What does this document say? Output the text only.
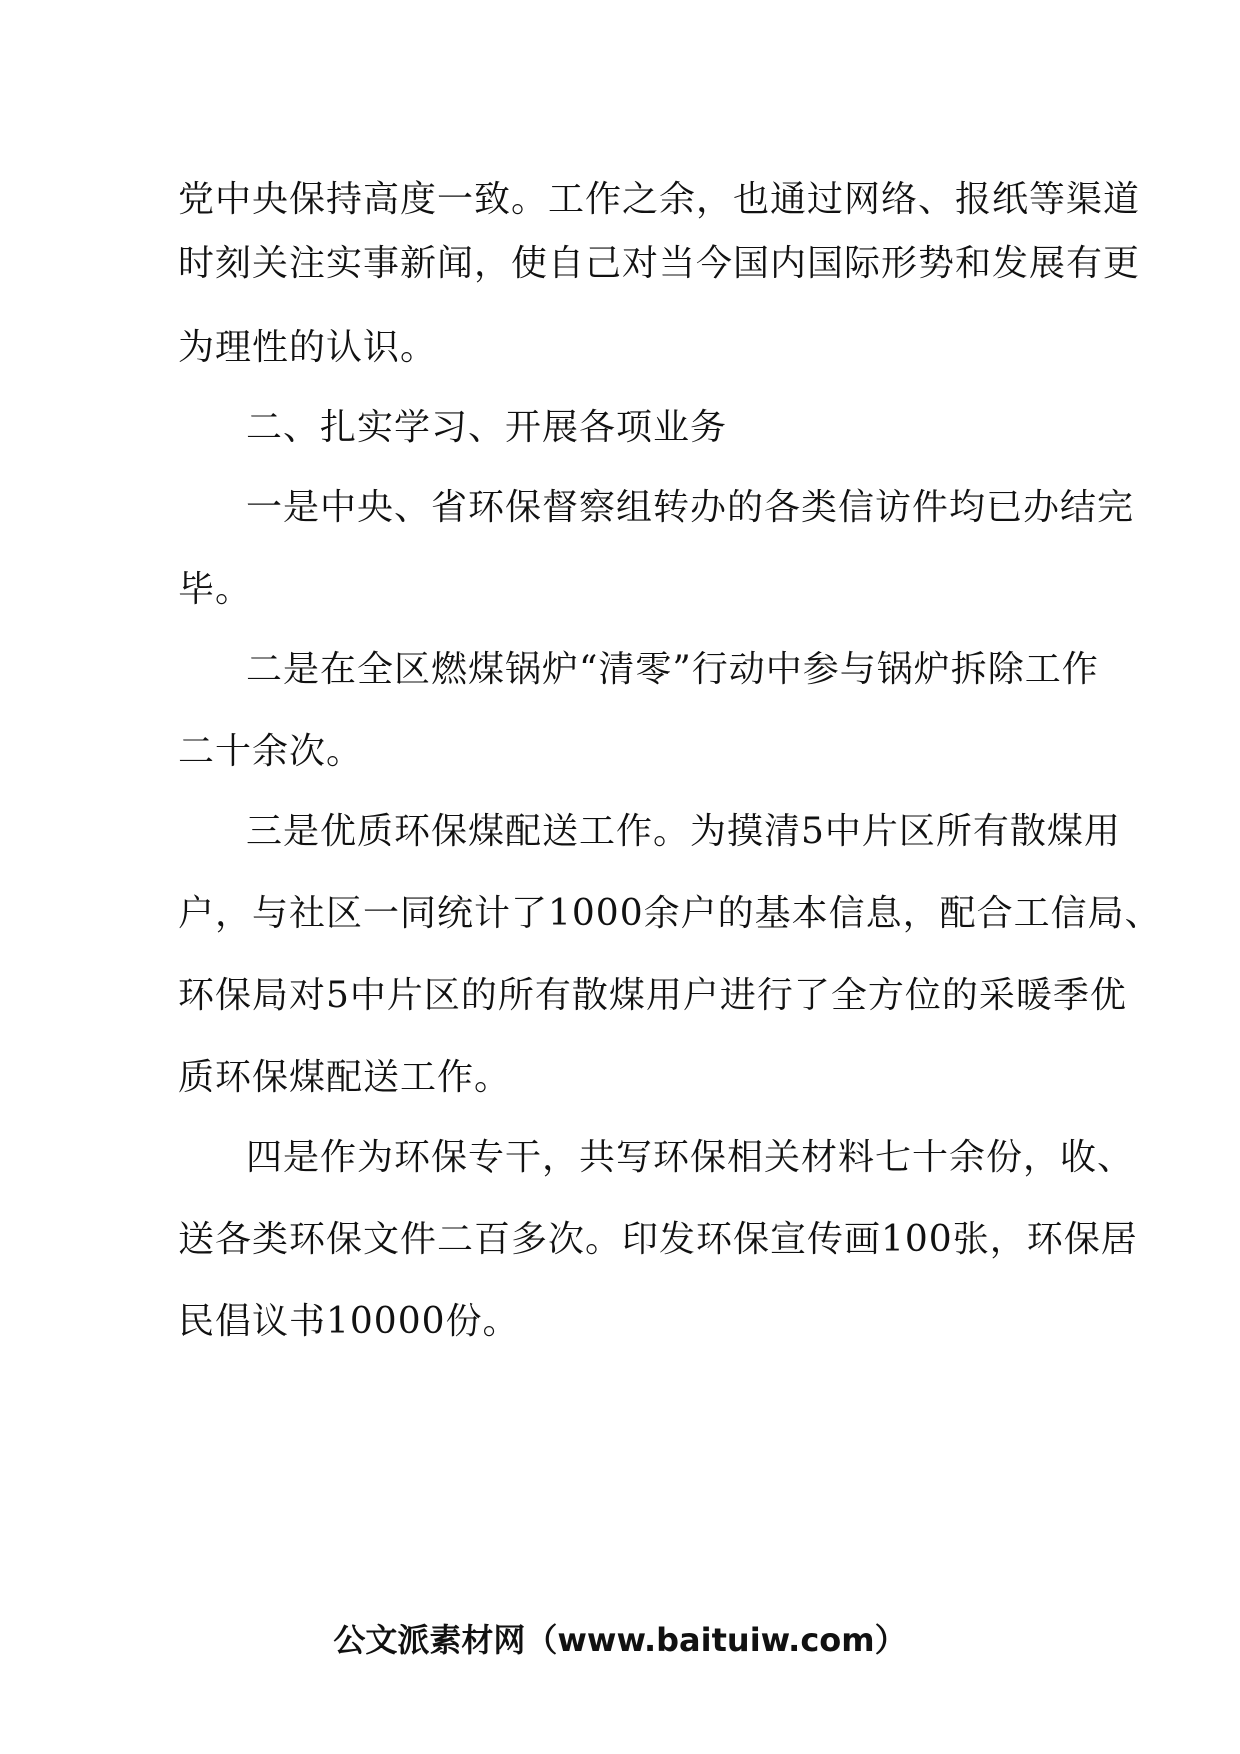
党中央保持高度一致。工作之余，也通过网络、报纸等渠道
时刻关注实事新闻，使自己对当今国内国际形势和发展有更
为理性的认识。
二、扎实学习、开展各项业务
一是中央、省环保督察组转办的各类信访件均已办结完
毕。
二是在全区燃煤锅炉“清零”行动中参与锅炉拆除工作
二十余次。
三是优质环保煤配送工作。为摸清5中片区所有散煤用
户，与社区一同统计了1000余户的基本信息，配合工信局、
环保局对5中片区的所有散煤用户进行了全方位的采暖季优
质环保煤配送工作。
四是作为环保专干，共写环保相关材料七十余份，收、
送各类环保文件二百多次。印发环保宣传画100张，环保居
民倡议书10000份。
公文派素材网（www.baituiw.com）
